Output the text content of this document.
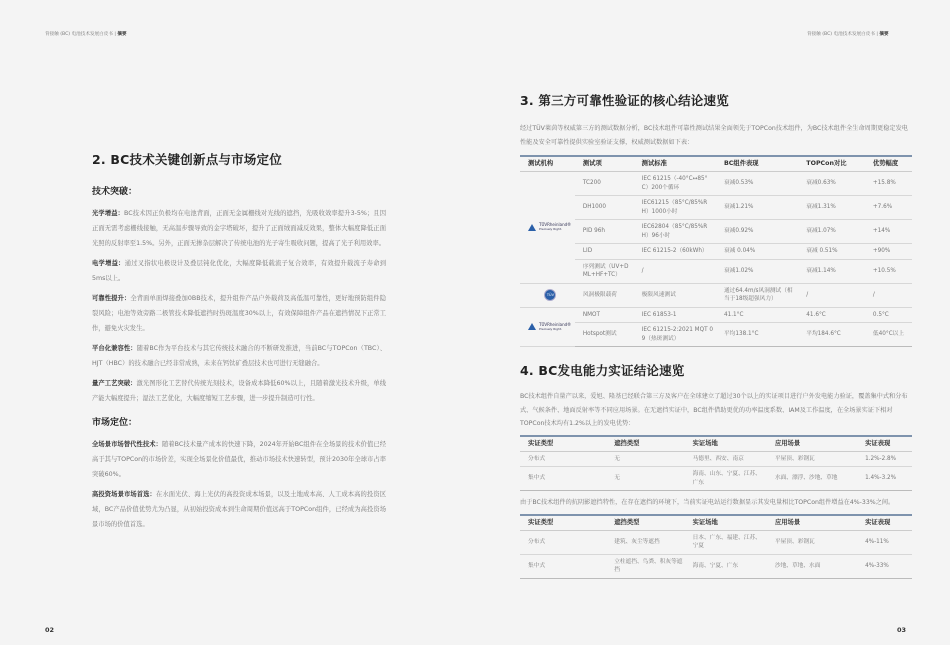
背接触 (BC) 电池技术发展白皮书 | 摘要	背接触 (BC) 电池技术发展白皮书 | 摘要
2. BC技术关键创新点与市场定位
技术突破：

光学增益：BC技术因正负极均在电池背面，正面无金属栅线对光线的遮挡，光吸收效率提升3-5%；且因正面无需考虑栅线接触，无高温步骤导致的金字塔破坏，提升了正面绒面减反效果，整体大幅度降低正面光照的反射率至1.5%。另外，正面无掺杂层解决了传统电池的光子寄生吸收问题，提高了光子利用效率。

电学增益：通过叉指状电极设计及叠层钝化优化，大幅度降低载流子复合效率，有效提升载流子寿命到5ms以上。

可靠性提升：全背面单面焊接叠加0BB技术，提升组件产品户外载荷及高低温可靠性，更好地预防组件隐裂风险；电池等效旁路二极管技术降低遮挡时热斑温度30%以上，有效保障组件产品在遮挡情况下正常工作，避免火灾发生。

平台化兼容性：随着BC作为平台技术与其它传统技术融合的不断研发推进，当前BC与TOPCon（TBC）、HJT（HBC）的技术融合已经非常成熟，未来在钙钛矿叠层技术也可进行无缝融合。

量产工艺突破：激光图形化工艺替代传统光刻技术，设备成本降低60%以上，且随着激光技术升级，单线产能大幅度提升；湿法工艺优化，大幅度缩短工艺步骤，进一步提升制造可行性。

市场定位：

全场景市场替代性技术：随着BC技术量产成本的快速下降，2024年开始BC组件在全场景的技术价值已经高于其与TOPCon的市场价差，实现全场景化价值最优，推动市场技术快速转型，预计2030年全球市占率突破60%。

高投资场景市场首选：在水面光伏、海上光伏的高投资成本场景，以及土地成本高、人工成本高的投资区域，BC产品价值优势尤为凸显，从初始投资成本到生命周期价值远高于TOPCon组件，已经成为高投资场景市场的价值首选。

3. 第三方可靠性验证的核心结论速览

经过TÜV莱茵等权威第三方的测试数据分析，BC技术组件可靠性测试结果全面领先于TOPCon技术组件，为BC技术组件全生命周期更稳定发电性能及安全可靠性提供实验室验证支撑，权威测试数据如下表：

测试机构	测试项	测试标准	BC组件表现	TOPCon对比	优势幅度

TÜVRheinland®
Precisely Right.	TC200	IEC 61215（-40°C↔85°C）200个循环	衰减0.53%	衰减0.63%	+15.8%
	DH1000	IEC61215（85°C/85%RH）1000小时	衰减1.21%	衰减1.31%	+7.6%
	PID 96h	IEC62804（85°C/85%RH）96小时	衰减0.92%	衰减1.07%	+14%
	LID	IEC 61215-2（60kWh）	衰减 0.04%	衰减 0.51%	+90%
	序列测试（UV+DML+HF+TC）	/	衰减1.02%	衰减1.14%	+10.5%

TÜV	风洞极限载荷	极限风速测试	通过64.4m/s风洞测试（相当于18级超强风力）	/	/

TÜVRheinland®
Precisely Right.	NMOT	IEC 61853-1	41.1°C	41.6°C	0.5°C
	Hotspot测试	IEC 61215-2:2021 MQT 09（热斑测试）	平均138.1°C	平均184.6°C	低40°C以上
4. BC发电能力实证结论速览

BC技术组件自量产以来，爱旭、隆基已经联合第三方及客户在全球建立了超过30个以上的实证项目进行户外发电能力验证，覆盖集中式和分布式、气候条件、地面反射率等不同应用场景。在无遮挡实证中，BC组件借助更优的功率温度系数、IAM及工作温度，在全场景实证下相对TOPCon技术均有1.2%以上的发电优势：

实证类型	遮挡类型	实证场地	应用场景	实证表现
分布式	无	马德里、西安、南京	平屋顶、彩钢瓦	1.2%-2.8%
集中式	无	海南、山东、宁夏、江苏、广东	水面、漂浮、沙地、草地	1.4%-3.2%

由于BC技术组件的抗阴影遮挡特性，在存在遮挡的环境下，当前实证电站运行数据显示其发电量相比TOPCon组件增益在4%-33%之间。

实证类型	遮挡类型	实证场地	应用场景	实证表现
分布式	建筑、灰尘等遮挡	日本、广东、福建、江苏、宁夏	平屋顶、彩钢瓦	4%-11%
集中式	立柱遮挡、鸟粪、积灰等遮挡	海南、宁夏、广东	沙地、草地、水面	4%-33%
02	03
